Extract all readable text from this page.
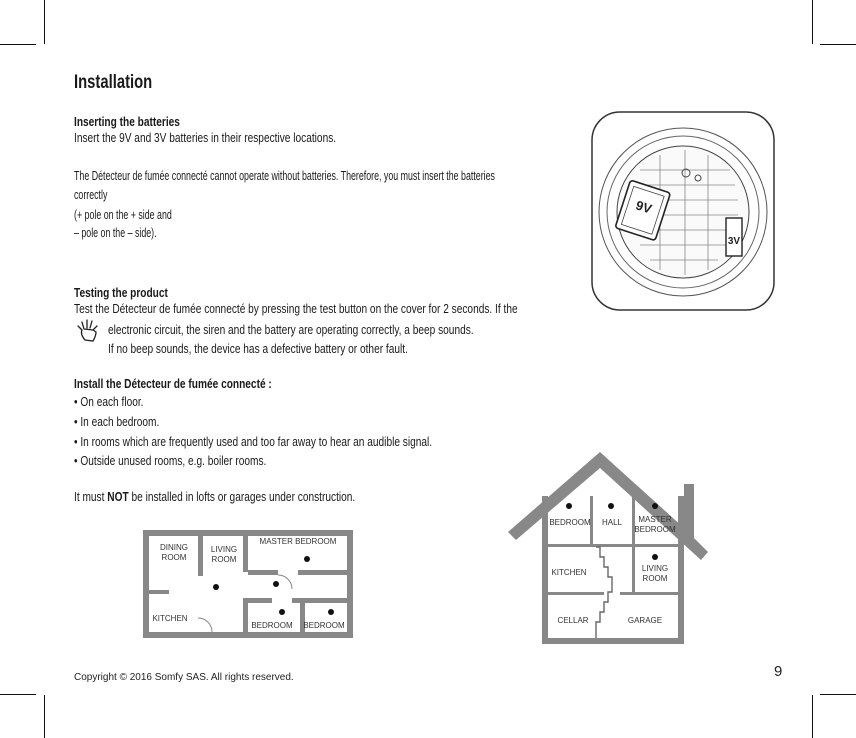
Installation
Inserting the batteries
Insert the 9V and 3V batteries in their respective locations.
The Détecteur de fumée connecté cannot operate without batteries. Therefore, you must insert the batteries
correctly
(+ pole on the + side and
– pole on the – side).
Testing the product
Test the Détecteur de fumée connecté by pressing the test button on the cover for 2 seconds. If the
electronic circuit, the siren and the battery are operating correctly, a beep sounds.
If no beep sounds, the device has a defective battery or other fault.
Install the Détecteur de fumée connecté :
• On each floor.
• In each bedroom.
• In rooms which are frequently used and too far away to hear an audible signal.
• Outside unused rooms, e.g. boiler rooms.
It must NOT be installed in lofts or garages under construction.
9V
3V
DINING
ROOM
LIVING
ROOM
MASTER BEDROOM
KITCHEN
BEDROOM BEDROOM
BEDROOM HALL MASTER
BEDROOM
KITCHEN	LIVING
ROOM
CELLAR	GARAGE
Copyright © 2016 Somfy SAS. All rights reserved.	9
